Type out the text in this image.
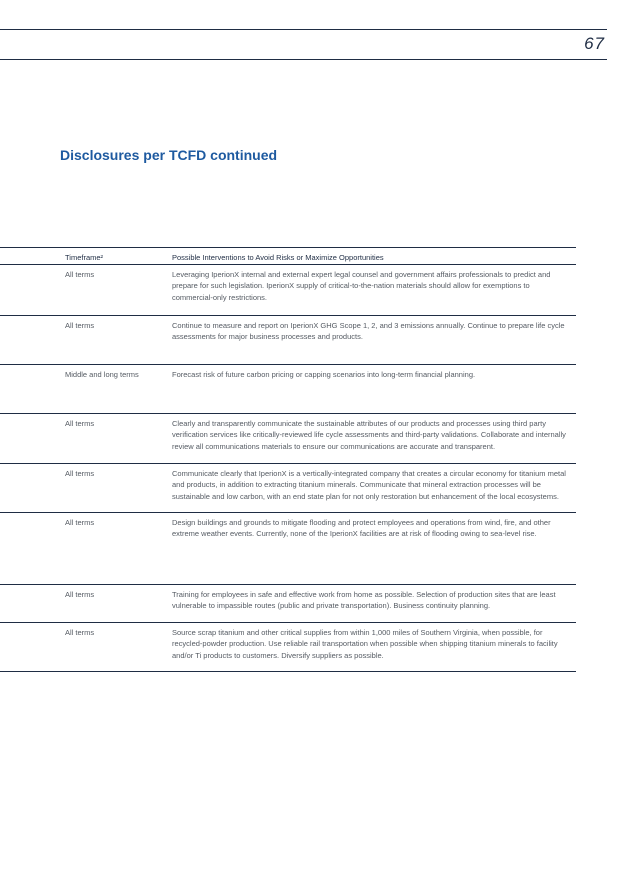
67
Disclosures per TCFD continued
Timeframe²	Possible Interventions to Avoid Risks or Maximize Opportunities
All terms	Leveraging IperionX internal and external expert legal counsel and government affairs professionals to predict and prepare for such legislation. IperionX supply of critical-to-the-nation materials should allow for exemptions to commercial-only restrictions.
All terms	Continue to measure and report on IperionX GHG Scope 1, 2, and 3 emissions annually. Continue to prepare life cycle assessments for major business processes and products.
Middle and long terms	Forecast risk of future carbon pricing or capping scenarios into long-term financial planning.
All terms	Clearly and transparently communicate the sustainable attributes of our products and processes using third party verification services like critically-reviewed life cycle assessments and third-party validations. Collaborate and internally review all communications materials to ensure our communications are accurate and transparent.
All terms	Communicate clearly that IperionX is a vertically-integrated company that creates a circular economy for titanium metal and products, in addition to extracting titanium minerals. Communicate that mineral extraction processes will be sustainable and low carbon, with an end state plan for not only restoration but enhancement of the local ecosystems.
All terms	Design buildings and grounds to mitigate flooding and protect employees and operations from wind, fire, and other extreme weather events. Currently, none of the IperionX facilities are at risk of flooding owing to sea-level rise.
All terms	Training for employees in safe and effective work from home as possible. Selection of production sites that are least vulnerable to impassible routes (public and private transportation). Business continuity planning.
All terms	Source scrap titanium and other critical supplies from within 1,000 miles of Southern Virginia, when possible, for recycled-powder production. Use reliable rail transportation when possible when shipping titanium minerals to facility and/or Ti products to customers. Diversify suppliers as possible.
